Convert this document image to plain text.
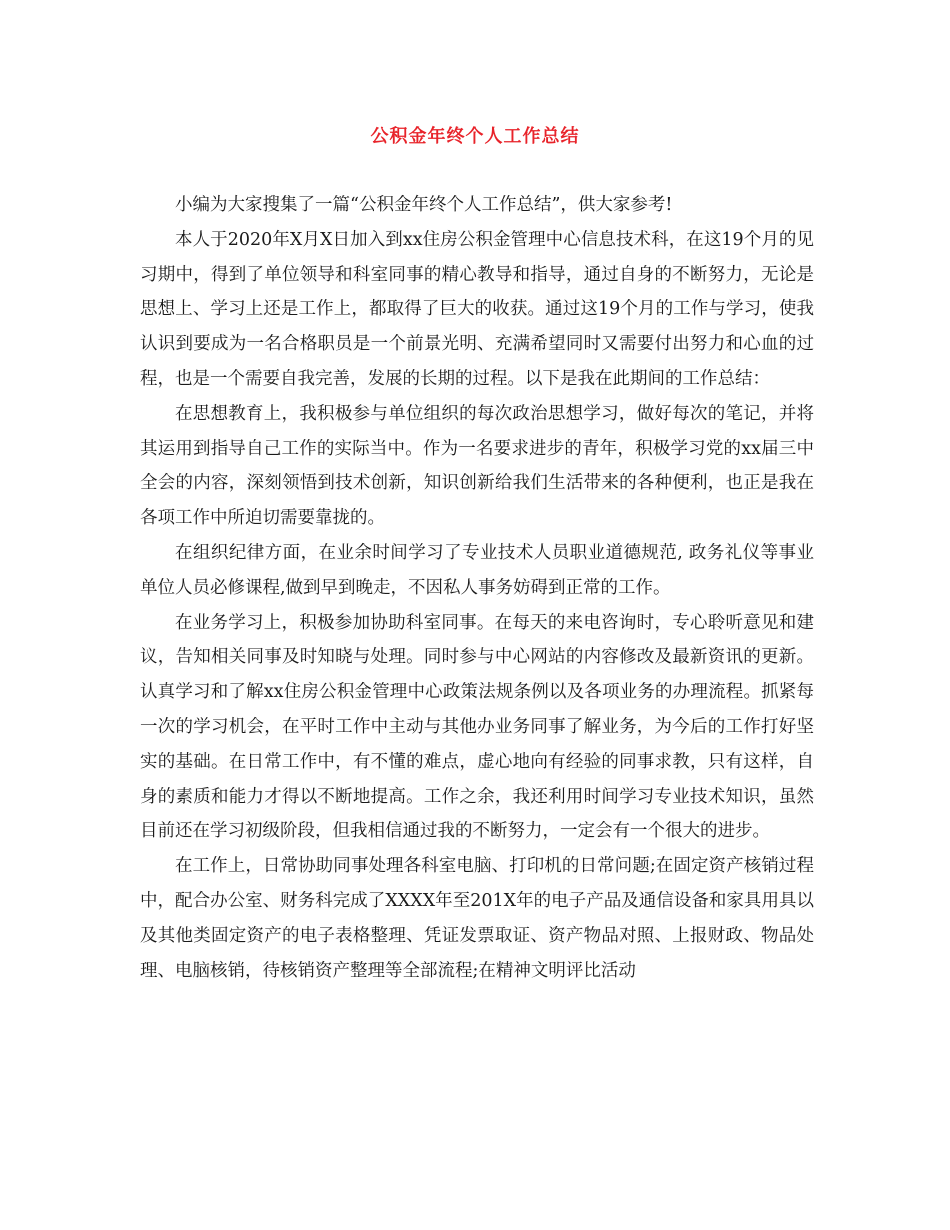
公积金年终个人工作总结

小编为大家搜集了一篇“公积金年终个人工作总结”，供大家参考!

本人于2020年X月X日加入到xx住房公积金管理中心信息技术科，在这19个月的见习期中，得到了单位领导和科室同事的精心教导和指导，通过自身的不断努力，无论是思想上、学习上还是工作上，都取得了巨大的收获。通过这19个月的工作与学习，使我认识到要成为一名合格职员是一个前景光明、充满希望同时又需要付出努力和心血的过程，也是一个需要自我完善，发展的长期的过程。以下是我在此期间的工作总结：

在思想教育上，我积极参与单位组织的每次政治思想学习，做好每次的笔记，并将其运用到指导自己工作的实际当中。作为一名要求进步的青年，积极学习党的xx届三中全会的内容，深刻领悟到技术创新，知识创新给我们生活带来的各种便利，也正是我在各项工作中所迫切需要靠拢的。

在组织纪律方面，在业余时间学习了专业技术人员职业道德规范, 政务礼仪等事业单位人员必修课程,做到早到晚走，不因私人事务妨碍到正常的工作。

在业务学习上，积极参加协助科室同事。在每天的来电咨询时，专心聆听意见和建议，告知相关同事及时知晓与处理。同时参与中心网站的内容修改及最新资讯的更新。认真学习和了解xx住房公积金管理中心政策法规条例以及各项业务的办理流程。抓紧每一次的学习机会，在平时工作中主动与其他办业务同事了解业务，为今后的工作打好坚实的基础。在日常工作中，有不懂的难点，虚心地向有经验的同事求教，只有这样，自身的素质和能力才得以不断地提高。工作之余，我还利用时间学习专业技术知识，虽然目前还在学习初级阶段，但我相信通过我的不断努力，一定会有一个很大的进步。

在工作上，日常协助同事处理各科室电脑、打印机的日常问题;在固定资产核销过程中，配合办公室、财务科完成了XXXX年至201X年的电子产品及通信设备和家具用具以及其他类固定资产的电子表格整理、凭证发票取证、资产物品对照、上报财政、物品处理、电脑核销，待核销资产整理等全部流程;在精神文明评比活动
